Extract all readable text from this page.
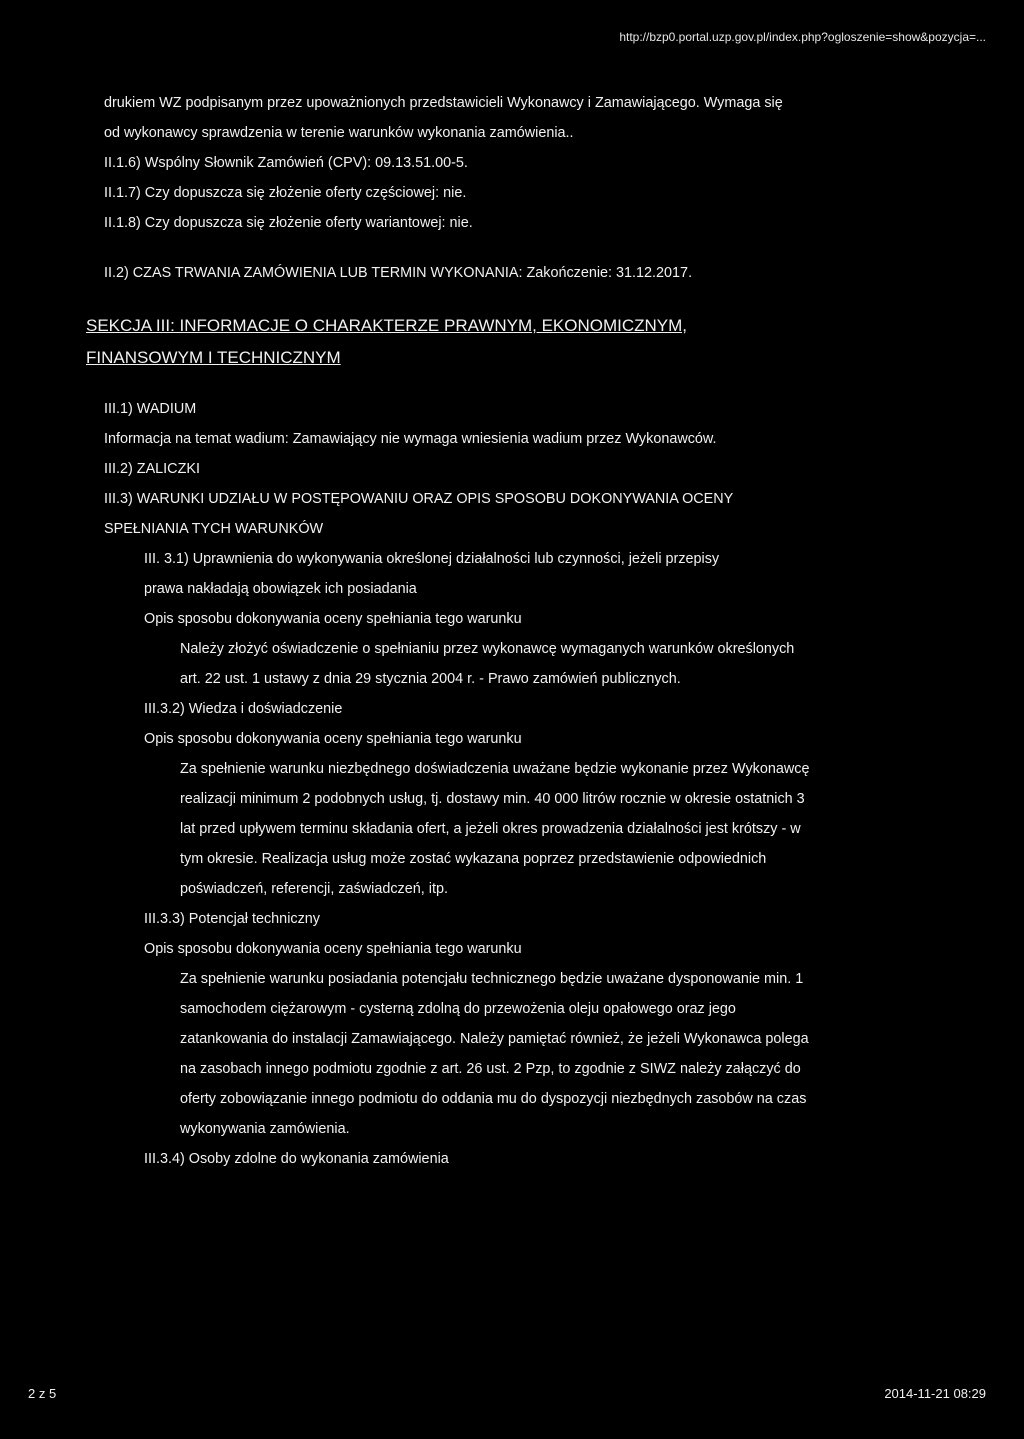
http://bzp0.portal.uzp.gov.pl/index.php?ogloszenie=show&pozycja=...

drukiem WZ podpisanym przez upoważnionych przedstawicieli Wykonawcy i Zamawiającego. Wymaga się

od wykonawcy sprawdzenia w terenie warunków wykonania zamówienia..

II.1.6) Wspólny Słownik Zamówień (CPV): 09.13.51.00-5.

II.1.7) Czy dopuszcza się złożenie oferty częściowej: nie.

II.1.8) Czy dopuszcza się złożenie oferty wariantowej: nie.

II.2) CZAS TRWANIA ZAMÓWIENIA LUB TERMIN WYKONANIA: Zakończenie: 31.12.2017.

SEKCJA III: INFORMACJE O CHARAKTERZE PRAWNYM, EKONOMICZNYM,

FINANSOWYM I TECHNICZNYM

III.1) WADIUM

Informacja na temat wadium: Zamawiający nie wymaga wniesienia wadium przez Wykonawców.

III.2) ZALICZKI

III.3) WARUNKI UDZIAŁU W POSTĘPOWANIU ORAZ OPIS SPOSOBU DOKONYWANIA OCENY

SPEŁNIANIA TYCH WARUNKÓW

III. 3.1) Uprawnienia do wykonywania określonej działalności lub czynności, jeżeli przepisy

prawa nakładają obowiązek ich posiadania

Opis sposobu dokonywania oceny spełniania tego warunku

Należy złożyć oświadczenie o spełnianiu przez wykonawcę wymaganych warunków określonych

art. 22 ust. 1 ustawy z dnia 29 stycznia 2004 r. - Prawo zamówień publicznych.

III.3.2) Wiedza i doświadczenie

Opis sposobu dokonywania oceny spełniania tego warunku

Za spełnienie warunku niezbędnego doświadczenia uważane będzie wykonanie przez Wykonawcę

realizacji minimum 2 podobnych usług, tj. dostawy min. 40 000 litrów rocznie w okresie ostatnich 3

lat przed upływem terminu składania ofert, a jeżeli okres prowadzenia działalności jest krótszy - w

tym okresie. Realizacja usług może zostać wykazana poprzez przedstawienie odpowiednich

poświadczeń, referencji, zaświadczeń, itp.

III.3.3) Potencjał techniczny

Opis sposobu dokonywania oceny spełniania tego warunku

Za spełnienie warunku posiadania potencjału technicznego będzie uważane dysponowanie min. 1

samochodem ciężarowym - cysterną zdolną do przewożenia oleju opałowego oraz jego

zatankowania do instalacji Zamawiającego. Należy pamiętać również, że jeżeli Wykonawca polega

na zasobach innego podmiotu zgodnie z art. 26 ust. 2 Pzp, to zgodnie z SIWZ należy załączyć do

oferty zobowiązanie innego podmiotu do oddania mu do dyspozycji niezbędnych zasobów na czas

wykonywania zamówienia.

III.3.4) Osoby zdolne do wykonania zamówienia

2 z 5	2014-11-21 08:29
